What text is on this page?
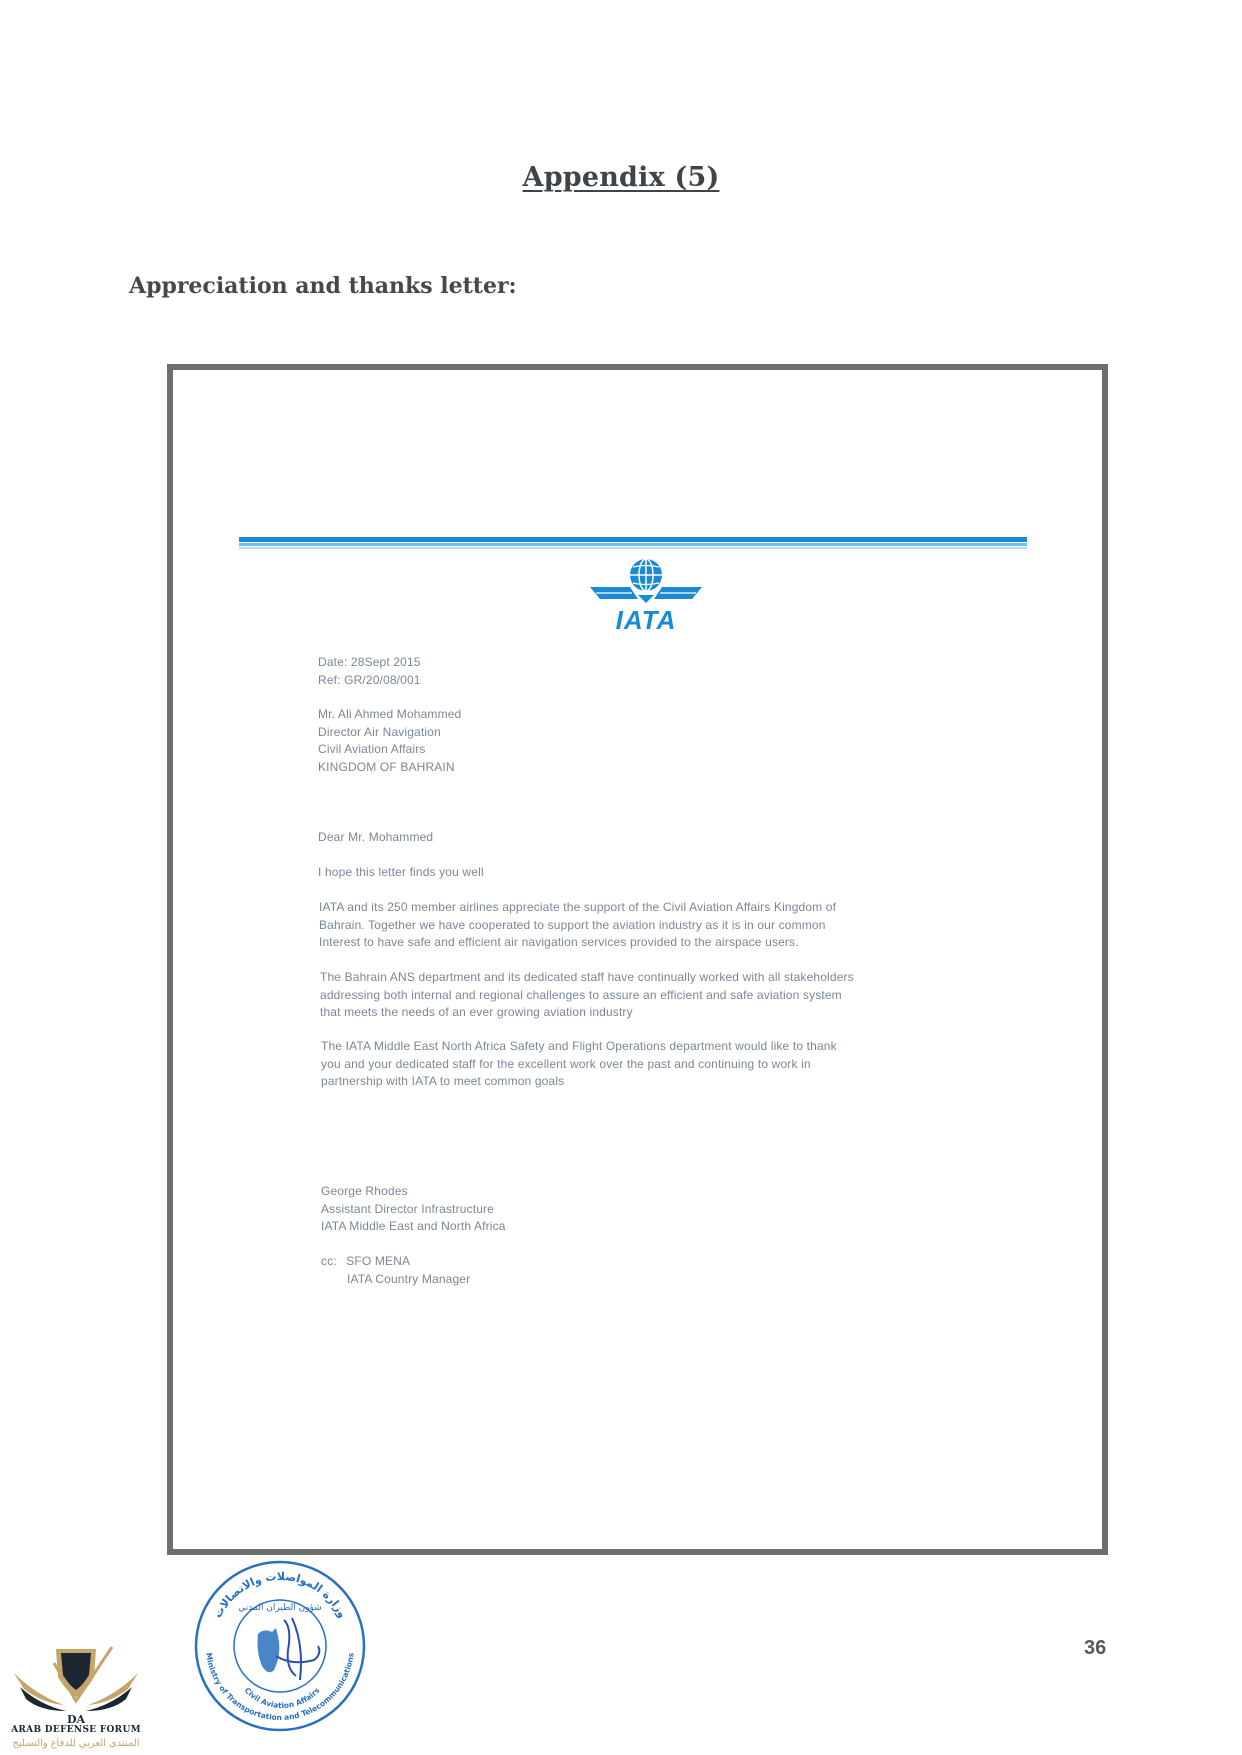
Appendix (5)
Appreciation and thanks letter:
IATA
Date: 28Sept 2015
Ref: GR/20/08/001
Mr. Ali Ahmed Mohammed
Director Air Navigation
Civil Aviation Affairs
KINGDOM OF BAHRAIN
Dear Mr. Mohammed
I hope this letter finds you well
IATA and its 250 member airlines appreciate the support of the Civil Aviation Affairs Kingdom of
Bahrain. Together we have cooperated to support the aviation industry as it is in our common
Interest to have safe and efficient air navigation services provided to the airspace users.
The Bahrain ANS department and its dedicated staff have continually worked with all stakeholders
addressing both internal and regional challenges to assure an efficient and safe aviation system
that meets the needs of an ever growing aviation industry
The IATA Middle East North Africa Safety and Flight Operations department would like to thank
you and your dedicated staff for the excellent work over the past and continuing to work in
partnership with IATA to meet common goals
George Rhodes
Assistant Director Infrastructure
IATA Middle East and North Africa
cc: SFO MENA
IATA Country Manager
36
وزارة المواصلات والاتصالات
شؤون الطيران المدني
Ministry of Transportation and Telecommunications
Civil Aviation Affairs
DA
ARAB DEFENSE FORUM
المنتدى العربي للدفاع والتسليح
